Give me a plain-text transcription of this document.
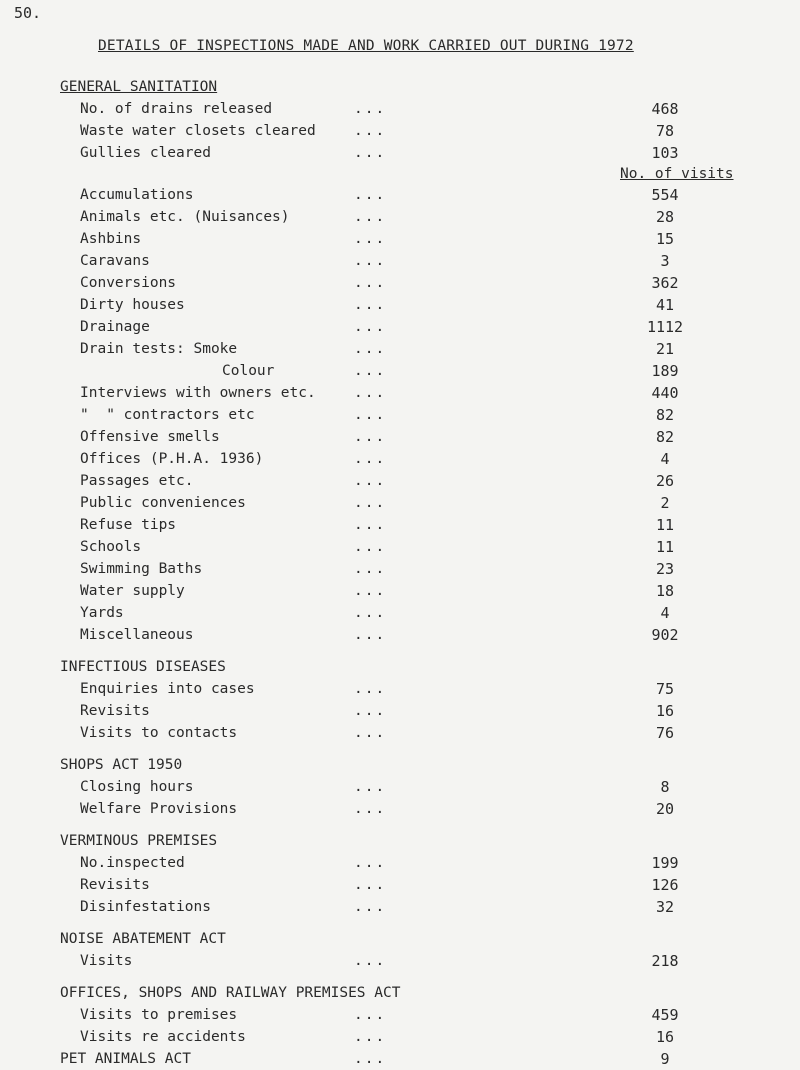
50.
DETAILS OF INSPECTIONS MADE AND WORK CARRIED OUT DURING 1972
GENERAL SANITATION
No. of drains released	...	468
Waste water closets cleared	...	78
Gullies cleared	...	103
No. of visits
Accumulations	...	554
Animals etc. (Nuisances)	...	28
Ashbins	...	15
Caravans	...	3
Conversions	...	362
Dirty houses	...	41
Drainage	...	1112
Drain tests: Smoke	...	21
Colour	...	189
Interviews with owners etc.	...	440
"  " contractors etc	...	82
Offensive smells	...	82
Offices (P.H.A. 1936)	...	4
Passages etc.	...	26
Public conveniences	...	2
Refuse tips	...	11
Schools	...	11
Swimming Baths	...	23
Water supply	...	18
Yards	...	4
Miscellaneous	...	902
INFECTIOUS DISEASES
Enquiries into cases	...	75
Revisits	...	16
Visits to contacts	...	76
SHOPS ACT 1950
Closing hours	...	8
Welfare Provisions	...	20
VERMINOUS PREMISES
No.inspected	...	199
Revisits	...	126
Disinfestations	...	32
NOISE ABATEMENT ACT
Visits	...	218
OFFICES, SHOPS AND RAILWAY PREMISES ACT
Visits to premises	...	459
Visits re accidents	...	16
PET ANIMALS ACT	...	9
